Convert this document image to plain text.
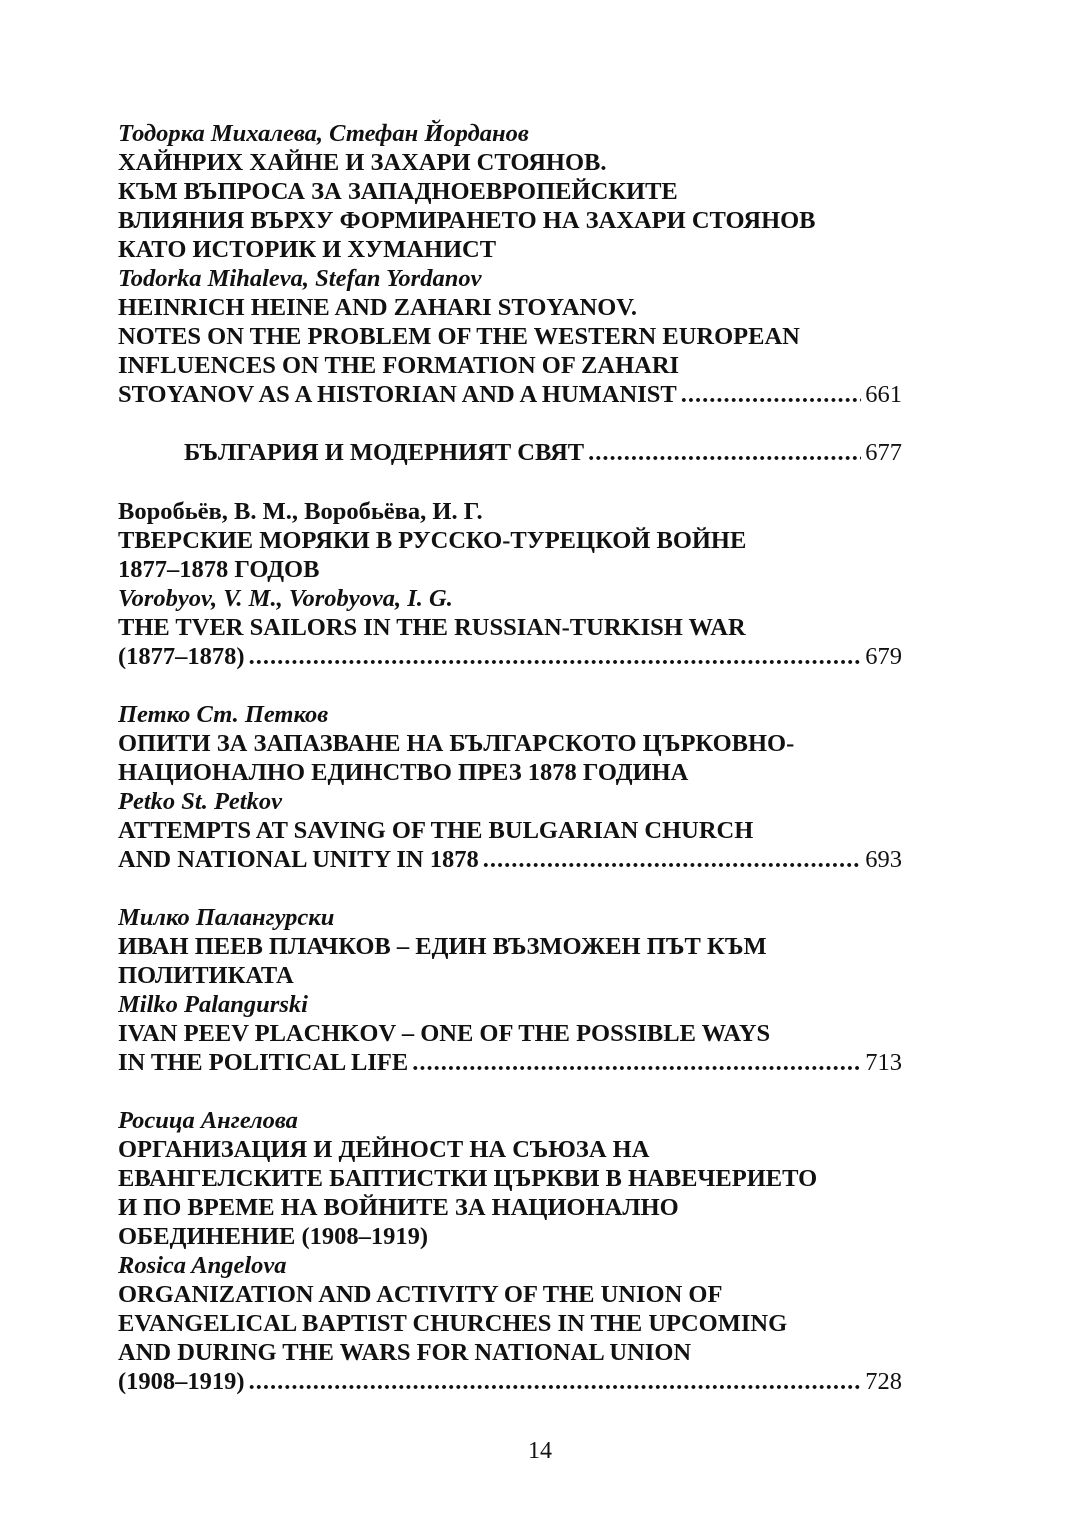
Тодорка Михалева, Стефан Йорданов
ХАЙНРИХ ХАЙНЕ И ЗАХАРИ СТОЯНОВ.
КЪМ ВЪПРОСА ЗА ЗАПАДНОЕВРОПЕЙСКИТЕ
ВЛИЯНИЯ ВЪРХУ ФОРМИРАНЕТО НА ЗАХАРИ СТОЯНОВ
КАТО ИСТОРИК И ХУМАНИСТ
Todorka Mihaleva, Stefan Yordanov
HEINRICH HEINE AND ZAHARI STOYANOV.
NOTES ON THE PROBLEM OF THE WESTERN EUROPEAN
INFLUENCES ON THE FORMATION OF ZAHARI
STOYANOV AS A HISTORIAN AND A HUMANIST .....	661
БЪЛГАРИЯ И МОДЕРНИЯТ СВЯТ .....	677
Воробьёв, В. М., Воробьёва, И. Г.
ТВЕРСКИЕ МОРЯКИ В РУССКО-ТУРЕЦКОЙ ВОЙНЕ
1877–1878 ГОДОВ
Vorobyov, V. M., Vorobyova, I. G.
THE TVER SAILORS IN THE RUSSIAN-TURKISH WAR
(1877–1878) .....	679
Петко Ст. Петков
ОПИТИ ЗА ЗАПАЗВАНЕ НА БЪЛГАРСКОТО ЦЪРКОВНО-
НАЦИОНАЛНО ЕДИНСТВО ПРЕЗ 1878 ГОДИНА
Petko St. Petkov
ATTEMPTS AT SAVING OF THE BULGARIAN CHURCH
AND NATIONAL UNITY IN 1878 .....	693
Милко Палангурски
ИВАН ПЕЕВ ПЛАЧКОВ – ЕДИН ВЪЗМОЖЕН ПЪТ КЪМ
ПОЛИТИКАТА
Milko Palangurski
IVAN PEEV PLACHKOV – ONE OF THE POSSIBLE WAYS
IN THE POLITICAL LIFE .....	713
Росица Ангелова
ОРГАНИЗАЦИЯ И ДЕЙНОСТ НА СЪЮЗА НА
ЕВАНГЕЛСКИТЕ БАПТИСТКИ ЦЪРКВИ В НАВЕЧЕРИЕТО
И ПО ВРЕМЕ НА ВОЙНИТЕ ЗА НАЦИОНАЛНО
ОБЕДИНЕНИЕ (1908–1919)
Rosica Angelova
ORGANIZATION AND ACTIVITY OF THE UNION OF
EVANGELICAL BAPTIST CHURCHES IN THE UPCOMING
AND DURING THE WARS FOR NATIONAL UNION
(1908–1919) .....	728
14
